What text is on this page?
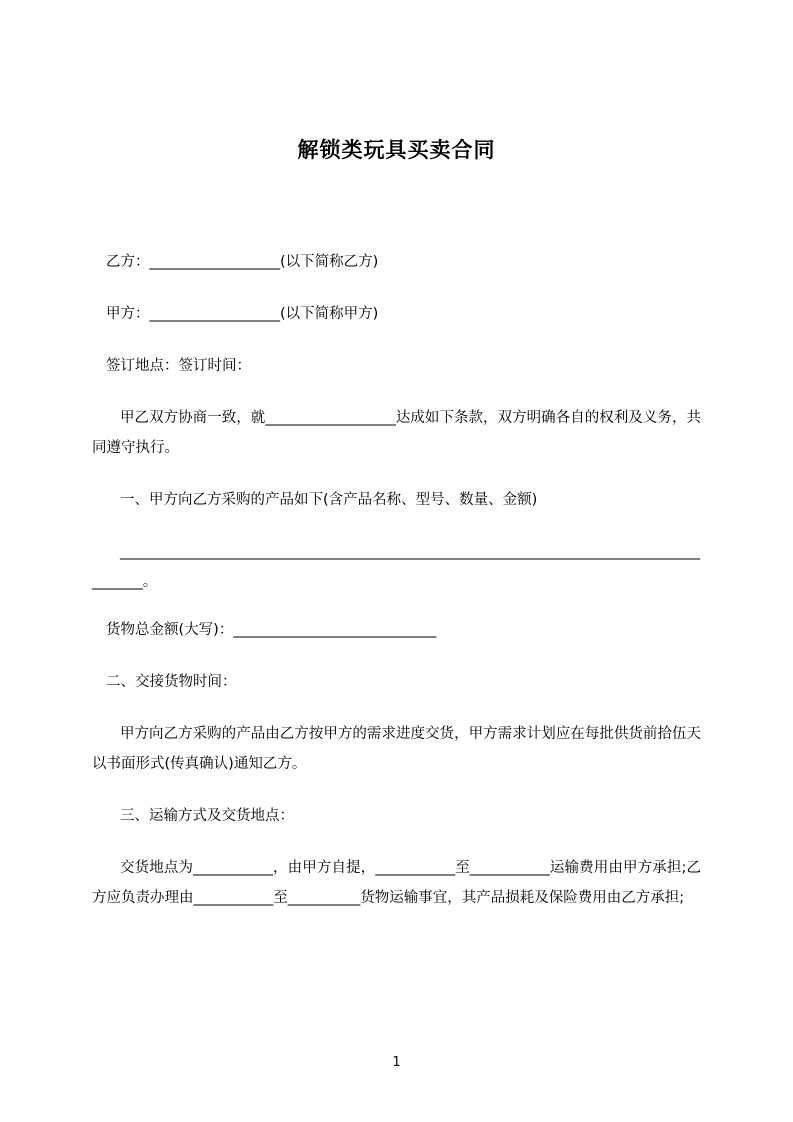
解锁类玩具买卖合同

乙方：__________________(以下简称乙方)

甲方：__________________(以下简称甲方)

签订地点：签订时间：

甲乙双方协商一致，就__________________达成如下条款，双方明确各自的权利及义务，共同遵守执行。

一、甲方向乙方采购的产品如下(含产品名称、型号、数量、金额)

_______________________________________________________________________________________。

货物总金额(大写)：____________________________

二、交接货物时间：

甲方向乙方采购的产品由乙方按甲方的需求进度交货，甲方需求计划应在每批供货前拾伍天以书面形式(传真确认)通知乙方。

三、运输方式及交货地点：

交货地点为___________，由甲方自提，___________至___________运输费用由甲方承担;乙方应负责办理由___________至__________货物运输事宜，其产品损耗及保险费用由乙方承担;

1
